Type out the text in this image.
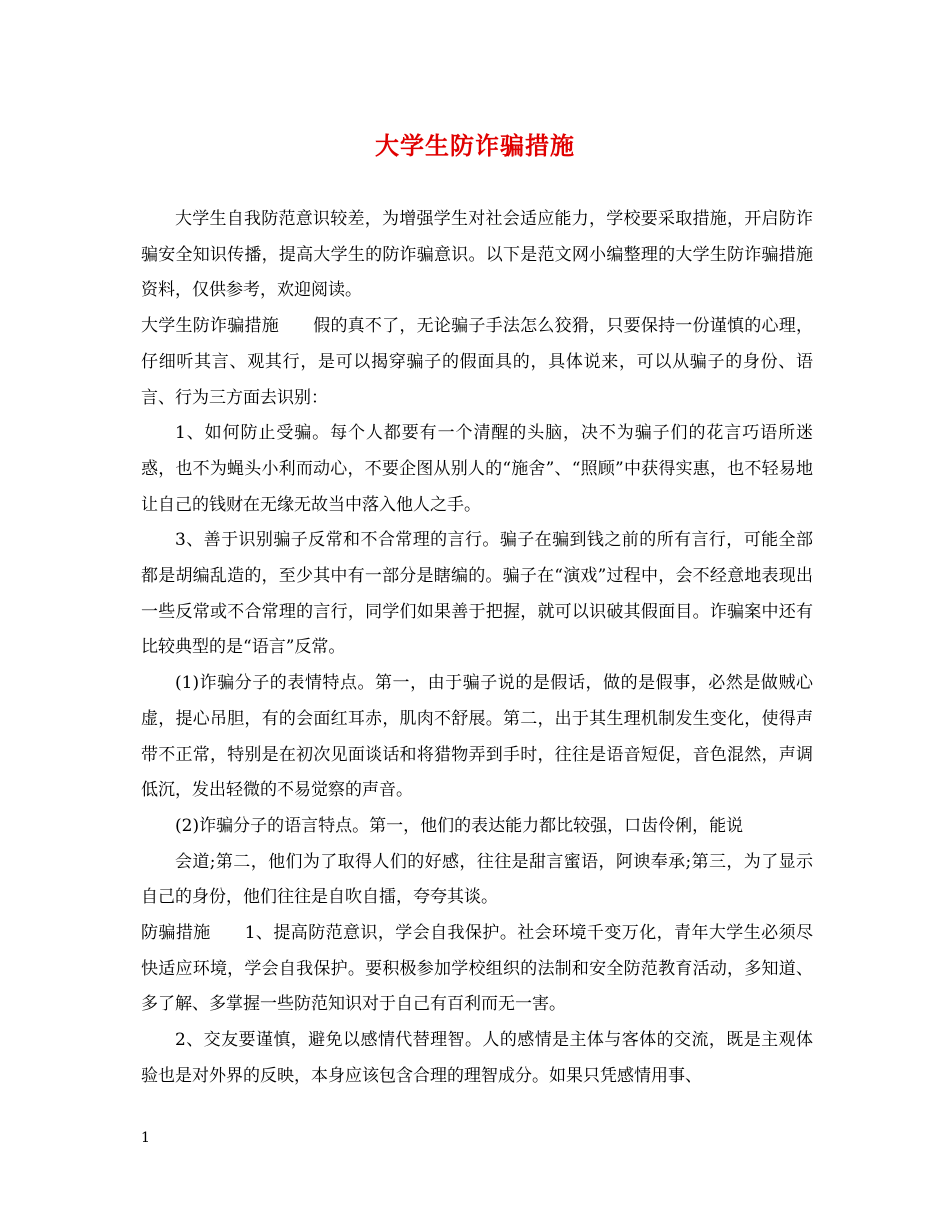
大学生防诈骗措施

大学生自我防范意识较差，为增强学生对社会适应能力，学校要采取措施，开启防诈骗安全知识传播，提高大学生的防诈骗意识。以下是范文网小编整理的大学生防诈骗措施资料，仅供参考，欢迎阅读。

大学生防诈骗措施 假的真不了，无论骗子手法怎么狡猾，只要保持一份谨慎的心理，仔细听其言、观其行，是可以揭穿骗子的假面具的，具体说来，可以从骗子的身份、语言、行为三方面去识别：

1、如何防止受骗。每个人都要有一个清醒的头脑，决不为骗子们的花言巧语所迷惑，也不为蝇头小利而动心，不要企图从别人的“施舍”、“照顾”中获得实惠，也不轻易地让自己的钱财在无缘无故当中落入他人之手。

3、善于识别骗子反常和不合常理的言行。骗子在骗到钱之前的所有言行，可能全部都是胡编乱造的，至少其中有一部分是瞎编的。骗子在“演戏”过程中，会不经意地表现出一些反常或不合常理的言行，同学们如果善于把握，就可以识破其假面目。诈骗案中还有比较典型的是“语言”反常。

(1)诈骗分子的表情特点。第一，由于骗子说的是假话，做的是假事，必然是做贼心虚，提心吊胆，有的会面红耳赤，肌肉不舒展。第二，出于其生理机制发生变化，使得声带不正常，特别是在初次见面谈话和将猎物弄到手时，往往是语音短促，音色混然，声调低沉，发出轻微的不易觉察的声音。

(2)诈骗分子的语言特点。第一，他们的表达能力都比较强，口齿伶俐，能说

会道;第二，他们为了取得人们的好感，往往是甜言蜜语，阿谀奉承;第三，为了显示自己的身份，他们往往是自吹自擂，夸夸其谈。

防骗措施 1、提高防范意识，学会自我保护。社会环境千变万化，青年大学生必须尽快适应环境，学会自我保护。要积极参加学校组织的法制和安全防范教育活动，多知道、多了解、多掌握一些防范知识对于自己有百利而无一害。

2、交友要谨慎，避免以感情代替理智。人的感情是主体与客体的交流，既是主观体验也是对外界的反映，本身应该包含合理的理智成分。如果只凭感情用事、

1
